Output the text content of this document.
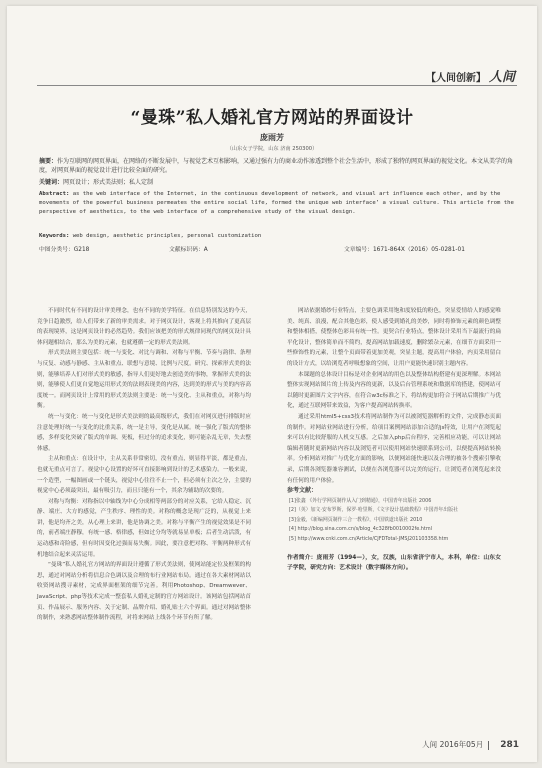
【人间创新】 人间
“曼珠”私人婚礼官方网站的界面设计
庞雨芳
（山东女子学院，山东 济南 250300）
摘要：作为互联网的网页界面，在网络的不断发展中，与视觉艺术互相影响，又通过强有力的商业动作渗透到整个社会生活中，形成了独特的网页界面的视觉文化。本文从美学的角度，对网页界面的视觉设计进行比较全面的研究。
关键词：网页设计；形式美法则；私人定制
Abstract: as the web interface of the Internet, in the continuous development of network, and visual art influence each other, and by the movements of the powerful business permeates the entire social life, formed the unique web interface’ a visual culture. This article from the perspective of aesthetics, to the web interface of a comprehensive study of the visual design.
Keywords: web design, aesthetic principles, personal customization
中图分类号：G218	文献标识码：A	文章编号：1671-864X（2016）05-0281-01

不同时代有不同的设计审美理念，也有不同的美学特征。在信息特别发达的今天，竞争日趋激烈，给人们带来了新的审美需求。对于网页设计，客观上将其推向了更高层的表现境界，这是网页设计的必然趋势。我们应该把美的形式规律同现代的网页设计具体问题相结合，那么为美的元素，也就遵循一定的形式美法则。

形式美法则主要包括：统一与变化、对比与调和、对称与平衡、节奏与韵律、条理与反复、动感与静感、主从和重点、联想与意境、比例与尺度。研究、探索形式美的法则，能够培养人们对形式美的敏感，指导人们更好地去创造美的事物，掌握形式美的法则，能够使人们更自觉地运用形式美的法则表现美的内容，达到美的形式与美的内容高度统一。而网页设计上常用的形式美法则主要是：统一与变化、主从和重点，对称与均衡。

统一与变化：统一与变化是形式美法则的最高级形式，我们在对网页进行排版时应注意处理好统一与变化的比重关系，统一是主导，变化是从属。统一强化了版式的整体感，多样变化突破了版式的单调、死板，但过分的追求变化，则可能杂乱无章，失去整体感。

主从和重点：在设计中，主从关系非常密切，没有重点，则显得平淡，都是重点，也就无重点可言了。视觉中心设置的好坏可直接影响到设计的艺术感染力。一般来说，一个造型，一幅图画或一个链头，视觉中心往往不止一个，但必须有主次之分，主要的视觉中心必须最突出，最有吸引力，而且只能有一个，其余为辅助的次要的。

对称与均衡：对称指以中轴线为中心分成相等两部分的对应关系，它给人稳定、沉静、端庄、大方的感觉，产生秩序、理性的美。对称的概念是现广泛的，从视觉上来讲，他是均齐之美，从心理上来讲，他是协调之美。对称与平衡产生的视觉效果是不同的，前者端庄静穆，有统一感、格律感，但如过分均等就易显单板；后者生动活泼，有运动感和奇险感，但有时因变化过强而易失衡。因此，要注意把对称、平衡两种形式有机地结合起来灵活运用。

“曼珠”私人婚礼官方网站的界面设计遵循了形式美法则，使网站能定位及框架的构思，通过对网站分析将信息合色调以及合理的布行业网站布局。通过在各大素材网站以收资网站搜寻素材，完成界面框架的细节完善。利用Photoshop、Dreamwever、JavaScript、php等技术完成一整套私人婚礼定制的官方网站设计。该网站包括网站首页、作品展示、服务内容、关于定制、品牌介绍、婚礼贴士六个界面。通过对网站整体的制作，来熟悉网站整体制作流程，对将来网站上线各个环节有所了解。

网站依据婚纱行业特点，主要色调采用饱和度较低的粉色，突显爱情给人的感觉唯美、纯真、浪漫，配合其他色彩，使人感受到婚礼的美妙，同时将修饰元素的颜色调整和整体相搭，使整体色彩具有统一性。更契合行业特点，整体设计采用当下最流行的扁平化设计，整体简单而不简约，提高网站加载速度，删除繁杂元素，在细节方面采用一些修饰性的元素，让整个页面带着更加美观，突显主题，提高用户体验，内页采用留白的设计方式，以给浏览者呼吸想象的空间，让用户更能快速识别主题内容。

本课题的总体设计目标是对企业网站的用色以及整体结构搭建有更深理解。本网站整体实现网站图片的上传及内容的更新，以及后台管理系统和数据库的搭建，使网站可以随时更新图片文字内容，在符合w3c标准之下，将结构更加符合于网站后期推广与优化，通过互联网带来效益，为客户提高网站转换率。

通过采用html5+css3技术将网站制作为可以被浏览器解析的文件，完成静态页面的制作。对网站业网站进行分析，给项目案例网站添加合适的js特效，让用户在浏览起来可以有比较舒服的人机交互感。之后加入php后台程序，完善相应功能，可以让网站编辑者随时更新网站内容以及浏览者可以使用网站快速联系到公司，以便提高网站转换率。分析网站对推广与优化方面的影响，以便网站能快速以及合理的被各个搜索引擎收录，后期各浏览器兼容测试，以便在各浏览器可以完美的运行，让浏览者在浏览起来没有任何的用户体验。

参考文献：

[1]张鑫 《外行学网页制作从入门到精通》，中国青年出版社 2006

[2]（英）加文·安布罗斯，保罗·哈里斯，《文字设计基础教程》中国青年出版社

[3]金毅，《新编网页制作三合一教程》，中国铁道出版社 2010

[4] http://blog.sina.com.cn/s/blog_4c328fb0010002fe.html

[5] http://www.cnki.com.cn/Article/CJFDTotal-JMSJ201103358.htm

作者简介：庞雨芳（1994—），女，汉族，山东省济宁市人，本科，单位：山东女子学院，研究方向：艺术设计（数字媒体方向）。
人间 2016年05月 281
